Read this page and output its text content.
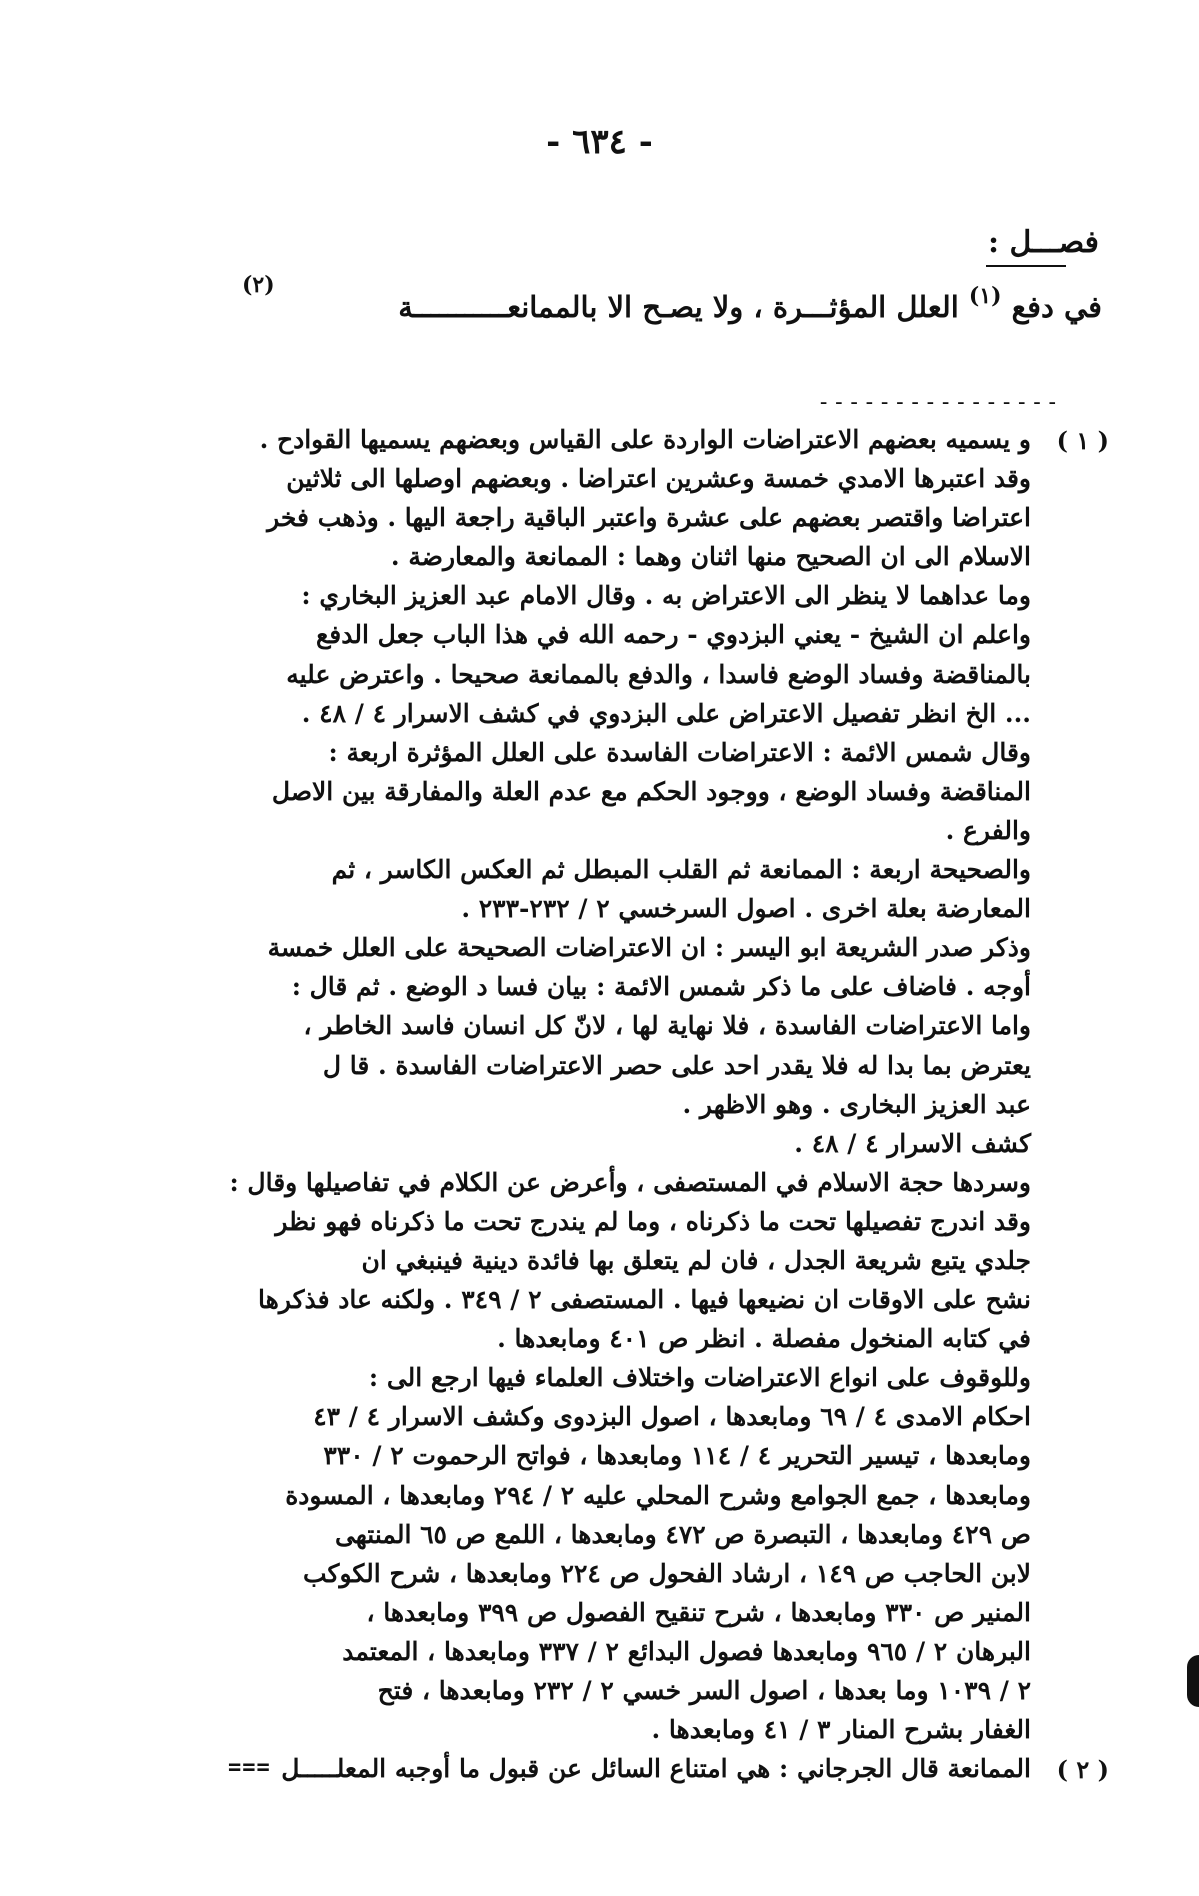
- ٦٣٤ -
فصـــل :
في دفع $^{(١)}$ العلل المؤثـــرة ، ولا يصـح الا بالممانعـــــــــــة
(٢)
----------------
( ١ )
و يسميه بعضهم الاعتراضات الواردة على القياس وبعضهم يسميها القوادح .
وقد اعتبرها الامدي خمسة وعشرين اعتراضا . وبعضهم اوصلها الى ثلاثين
اعتراضا واقتصر بعضهم على عشرة واعتبر الباقية راجعة اليها . وذهب فخر
الاسلام الى ان الصحيح منها اثنان وهما : الممانعة والمعارضة .
وما عداهما لا ينظر الى الاعتراض به . وقال الامام عبد العزيز البخاري :
واعلم ان الشيخ - يعني البزدوي - رحمه الله في هذا الباب جعل الدفع
بالمناقضة وفساد الوضع فاسدا ، والدفع بالممانعة صحيحا . واعترض عليه
... الخ انظر تفصيل الاعتراض على البزدوي في كشف الاسرار ٤ / ٤٨ .
وقال شمس الائمة : الاعتراضات الفاسدة على العلل المؤثرة اربعة :
المناقضة وفساد الوضع ، ووجود الحكم مع عدم العلة والمفارقة بين الاصل
والفرع .
والصحيحة اربعة : الممانعة ثم القلب المبطل ثم العكس الكاسر ، ثم
المعارضة بعلة اخرى . اصول السرخسي ٢ / ٢٣٢-٢٣٣ .
وذكر صدر الشريعة ابو اليسر : ان الاعتراضات الصحيحة على العلل خمسة
أوجه . فاضاف على ما ذكر شمس الائمة : بيان فسا د الوضع . ثم قال :
واما الاعتراضات الفاسدة ، فلا نهاية لها ، لانّ كل انسان فاسد الخاطر ،
يعترض بما بدا له فلا يقدر احد على حصر الاعتراضات الفاسدة . قا ل
عبد العزيز البخارى . وهو الاظهر .
كشف الاسرار ٤ / ٤٨ .
وسردها حجة الاسلام في المستصفى ، وأعرض عن الكلام في تفاصيلها وقال :
وقد اندرج تفصيلها تحت ما ذكرناه ، وما لم يندرج تحت ما ذكرناه فهو نظر
جلدي يتبع شريعة الجدل ، فان لم يتعلق بها فائدة دينية فينبغي ان
نشح على الاوقات ان نضيعها فيها . المستصفى ٢ / ٣٤٩ . ولكنه عاد فذكرها
في كتابه المنخول مفصلة . انظر ص ٤٠١ ومابعدها .
وللوقوف على انواع الاعتراضات واختلاف العلماء فيها ارجع الى :
احكام الامدى ٤ / ٦٩ ومابعدها ، اصول البزدوى وكشف الاسرار ٤ / ٤٣
ومابعدها ، تيسير التحرير ٤ / ١١٤ ومابعدها ، فواتح الرحموت ٢ / ٣٣٠
ومابعدها ، جمع الجوامع وشرح المحلي عليه ٢ / ٢٩٤ ومابعدها ، المسودة
ص ٤٢٩ ومابعدها ، التبصرة ص ٤٧٢ ومابعدها ، اللمع ص ٦٥ المنتهى
لابن الحاجب ص ١٤٩ ، ارشاد الفحول ص ٢٢٤ ومابعدها ، شرح الكوكب
المنير ص ٣٣٠ ومابعدها ، شرح تنقيح الفصول ص ٣٩٩ ومابعدها ،
البرهان ٢ / ٩٦٥ ومابعدها فصول البدائع ٢ / ٣٣٧ ومابعدها ، المعتمد
٢ / ١٠٣٩ وما بعدها ، اصول السر خسي ٢ / ٢٣٢ ومابعدها ، فتح
الغفار بشرح المنار ٣ / ٤١ ومابعدها .
( ٢ )
الممانعة قال الجرجاني : هي امتناع السائل عن قبول ما أوجبه المعلـــــل
===
